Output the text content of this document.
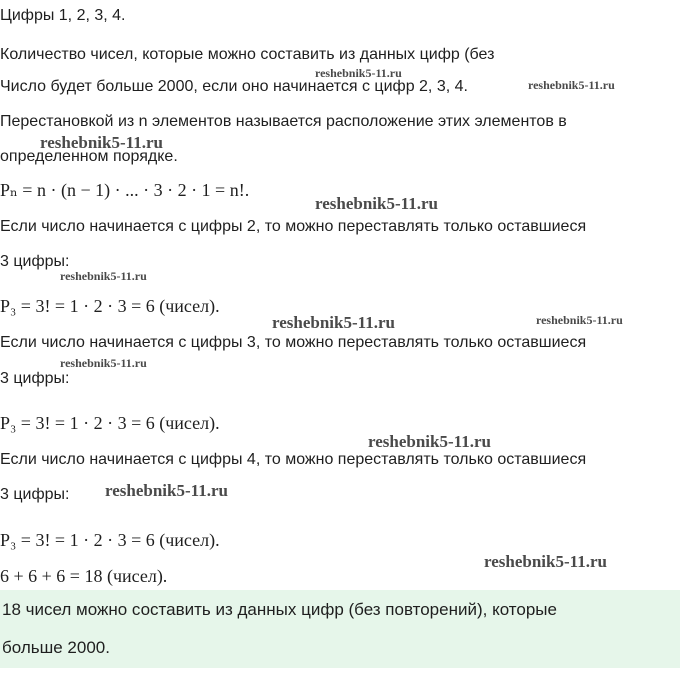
Цифры 1, 2, 3, 4.
Количество чисел, которые можно составить из данных цифр (без
Число будет больше 2000, если оно начинается с цифр 2, 3, 4.
Перестановкой из n элементов называется расположение этих элементов в
определенном порядке.
Pₙ = n · (n − 1) · ... · 3 · 2 · 1 = n!.
Если число начинается с цифры 2, то можно переставлять только оставшиеся
3 цифры:
P₃ = 3! = 1 · 2 · 3 = 6 (чисел).
Если число начинается с цифры 3, то можно переставлять только оставшиеся
3 цифры:
P₃ = 3! = 1 · 2 · 3 = 6 (чисел).
Если число начинается с цифры 4, то можно переставлять только оставшиеся
3 цифры:
P₃ = 3! = 1 · 2 · 3 = 6 (чисел).
6 + 6 + 6 = 18 (чисел).
18 чисел можно составить из данных цифр (без повторений), которые
больше 2000.
reshebnik5-11.ru
reshebnik5-11.ru
reshebnik5-11.ru
reshebnik5-11.ru
reshebnik5-11.ru
reshebnik5-11.ru	reshebnik5-11.ru
reshebnik5-11.ru
reshebnik5-11.ru
reshebnik5-11.ru
reshebnik5-11.ru
